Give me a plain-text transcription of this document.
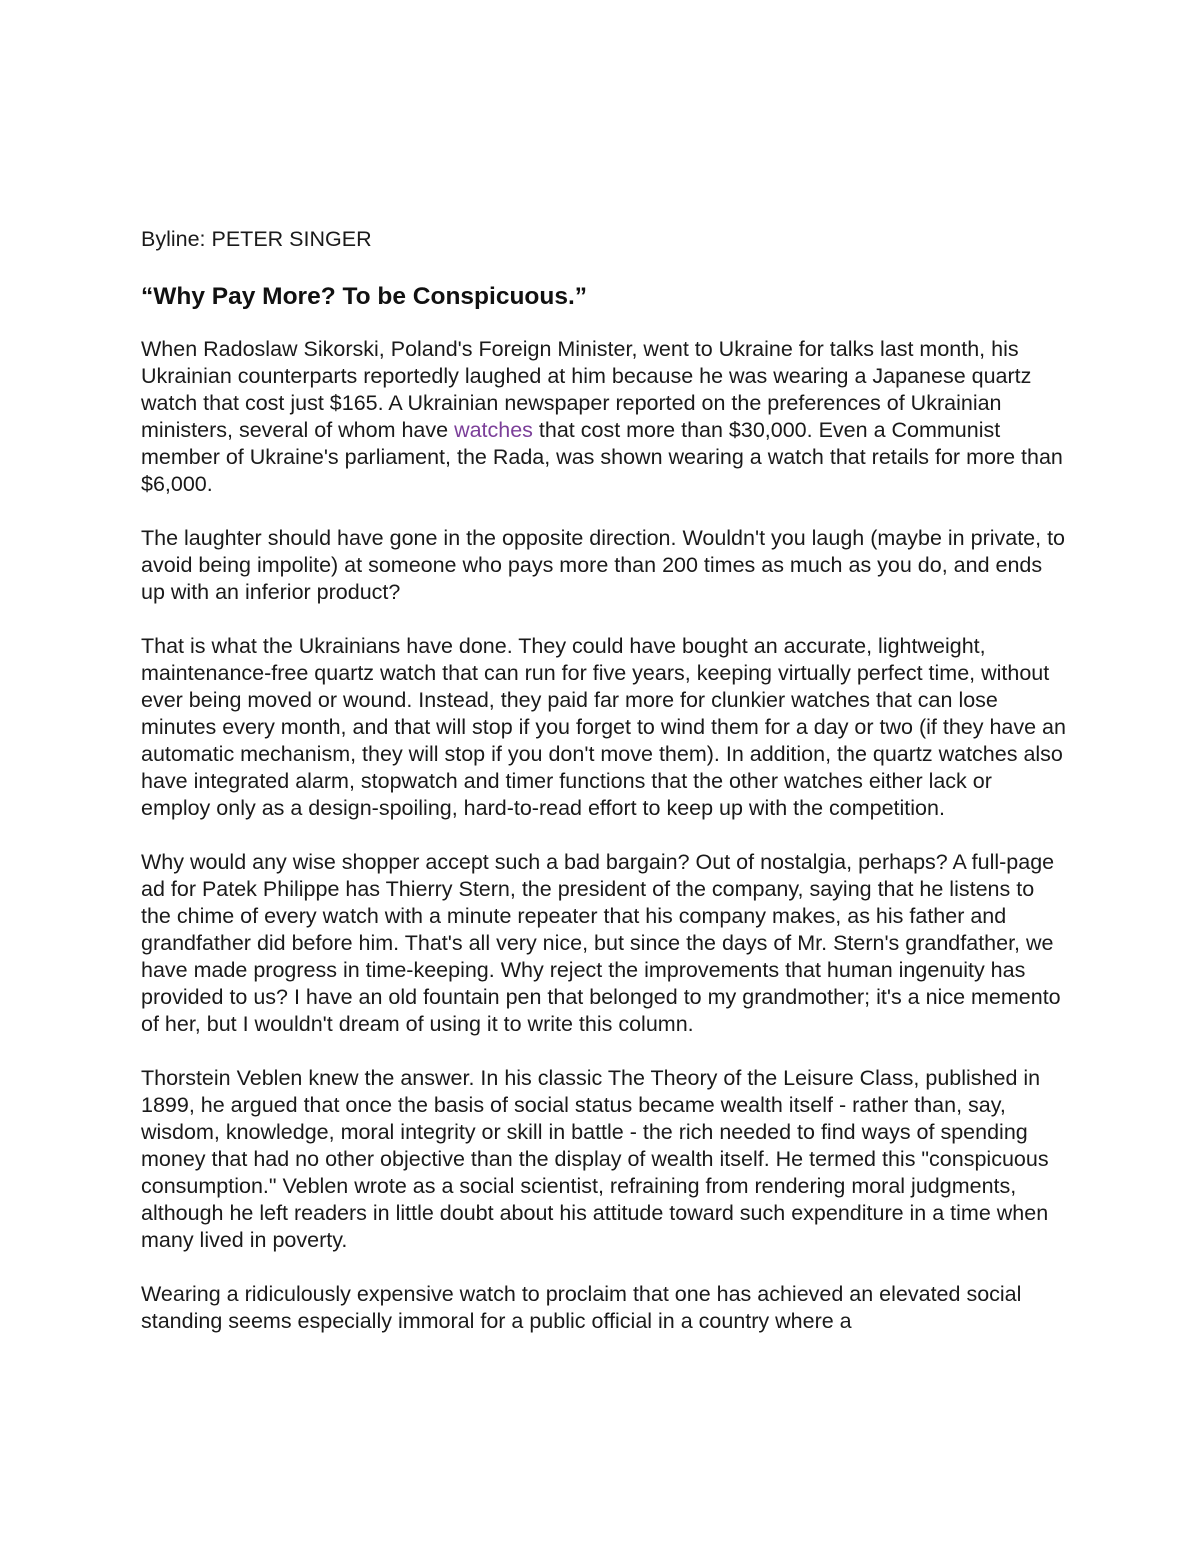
Byline: PETER SINGER

“Why Pay More? To be Conspicuous.”

When Radoslaw Sikorski, Poland's Foreign Minister, went to Ukraine for talks last month, his Ukrainian counterparts reportedly laughed at him because he was wearing a Japanese quartz watch that cost just $165. A Ukrainian newspaper reported on the preferences of Ukrainian ministers, several of whom have watches that cost more than $30,000. Even a Communist member of Ukraine's parliament, the Rada, was shown wearing a watch that retails for more than $6,000.

The laughter should have gone in the opposite direction. Wouldn't you laugh (maybe in private, to avoid being impolite) at someone who pays more than 200 times as much as you do, and ends up with an inferior product?

That is what the Ukrainians have done. They could have bought an accurate, lightweight, maintenance-free quartz watch that can run for five years, keeping virtually perfect time, without ever being moved or wound. Instead, they paid far more for clunkier watches that can lose minutes every month, and that will stop if you forget to wind them for a day or two (if they have an automatic mechanism, they will stop if you don't move them). In addition, the quartz watches also have integrated alarm, stopwatch and timer functions that the other watches either lack or employ only as a design-spoiling, hard-to-read effort to keep up with the competition.

Why would any wise shopper accept such a bad bargain? Out of nostalgia, perhaps? A full-page ad for Patek Philippe has Thierry Stern, the president of the company, saying that he listens to the chime of every watch with a minute repeater that his company makes, as his father and grandfather did before him. That's all very nice, but since the days of Mr. Stern's grandfather, we have made progress in time-keeping. Why reject the improvements that human ingenuity has provided to us? I have an old fountain pen that belonged to my grandmother; it's a nice memento of her, but I wouldn't dream of using it to write this column.

Thorstein Veblen knew the answer. In his classic The Theory of the Leisure Class, published in 1899, he argued that once the basis of social status became wealth itself - rather than, say, wisdom, knowledge, moral integrity or skill in battle - the rich needed to find ways of spending money that had no other objective than the display of wealth itself. He termed this "conspicuous consumption." Veblen wrote as a social scientist, refraining from rendering moral judgments, although he left readers in little doubt about his attitude toward such expenditure in a time when many lived in poverty.

Wearing a ridiculously expensive watch to proclaim that one has achieved an elevated social standing seems especially immoral for a public official in a country where a
